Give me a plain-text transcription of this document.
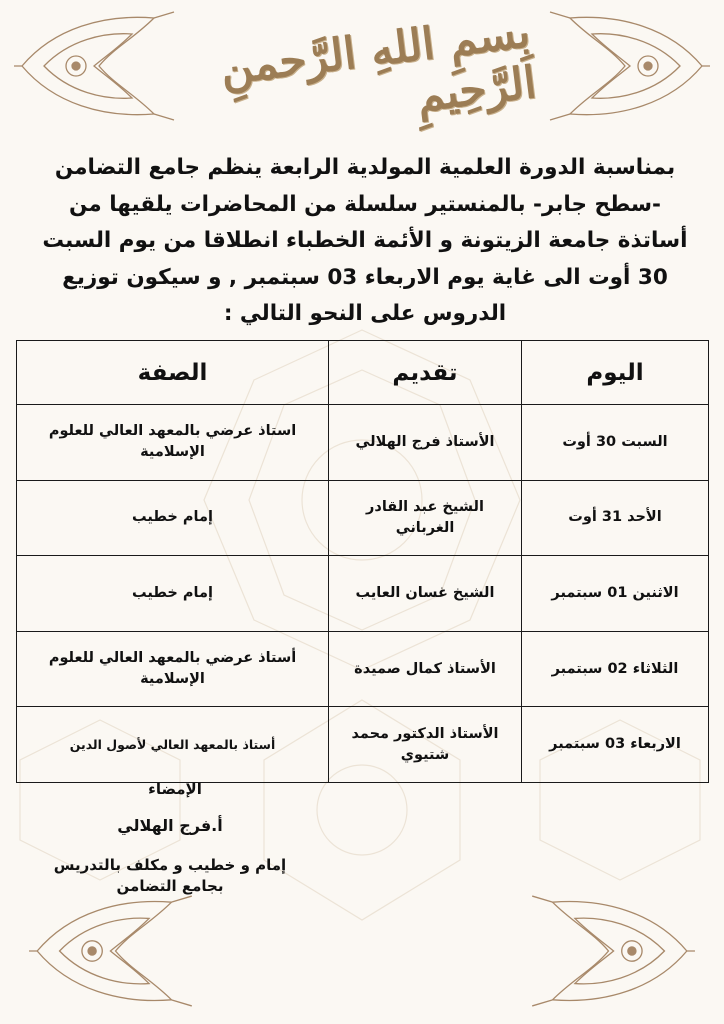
بِسمِ اللهِ الرَّحمنِ الرَّحِيمِ
بمناسبة الدورة العلمية المولدية الرابعة ينظم جامع التضامن
-سطح جابر- بالمنستير سلسلة من المحاضرات يلقيها من
أساتذة جامعة الزيتونة و الأئمة الخطباء انطلاقا من يوم السبت
30 أوت الى غاية يوم الاربعاء 03 سبتمبر , و سيكون توزيع
الدروس على النحو التالي :
اليوم	تقديم	الصفة
السبت 30 أوت	الأستاذ فرج الهلالي	استاذ عرضي بالمعهد العالي للعلوم الإسلامية
الأحد 31 أوت	الشيخ عبد القادر الغرباني	إمام خطيب
الاثنين 01 سبتمبر	الشيخ غسان العايب	إمام خطيب
الثلاثاء 02 سبتمبر	الأستاذ كمال صميدة	أستاذ عرضي بالمعهد العالي للعلوم الإسلامية
الاربعاء 03 سبتمبر	الأستاذ الدكتور محمد شتيوي	أستاذ بالمعهد العالي لأصول الدين
الإمضاء
أ.فرج الهلالي
إمام و خطيب و مكلف بالتدريس
بجامع التضامن
